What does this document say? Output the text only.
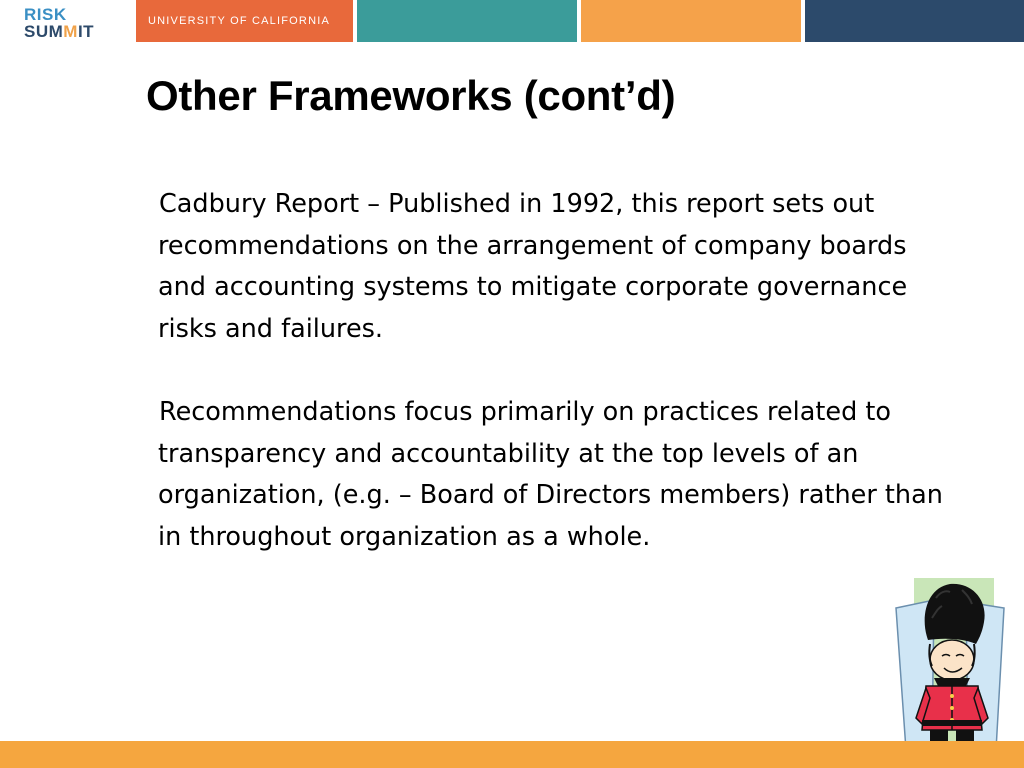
RISK
SUMMIT
UNIVERSITY OF CALIFORNIA
Other Frameworks (cont’d)

Cadbury Report – Published in 1992, this report sets out recommendations on the arrangement of company boards and accounting systems to mitigate corporate governance risks and failures.

Recommendations focus primarily on practices related to transparency and accountability at the top levels of an organization, (e.g. – Board of Directors members) rather than in throughout organization as a whole.
